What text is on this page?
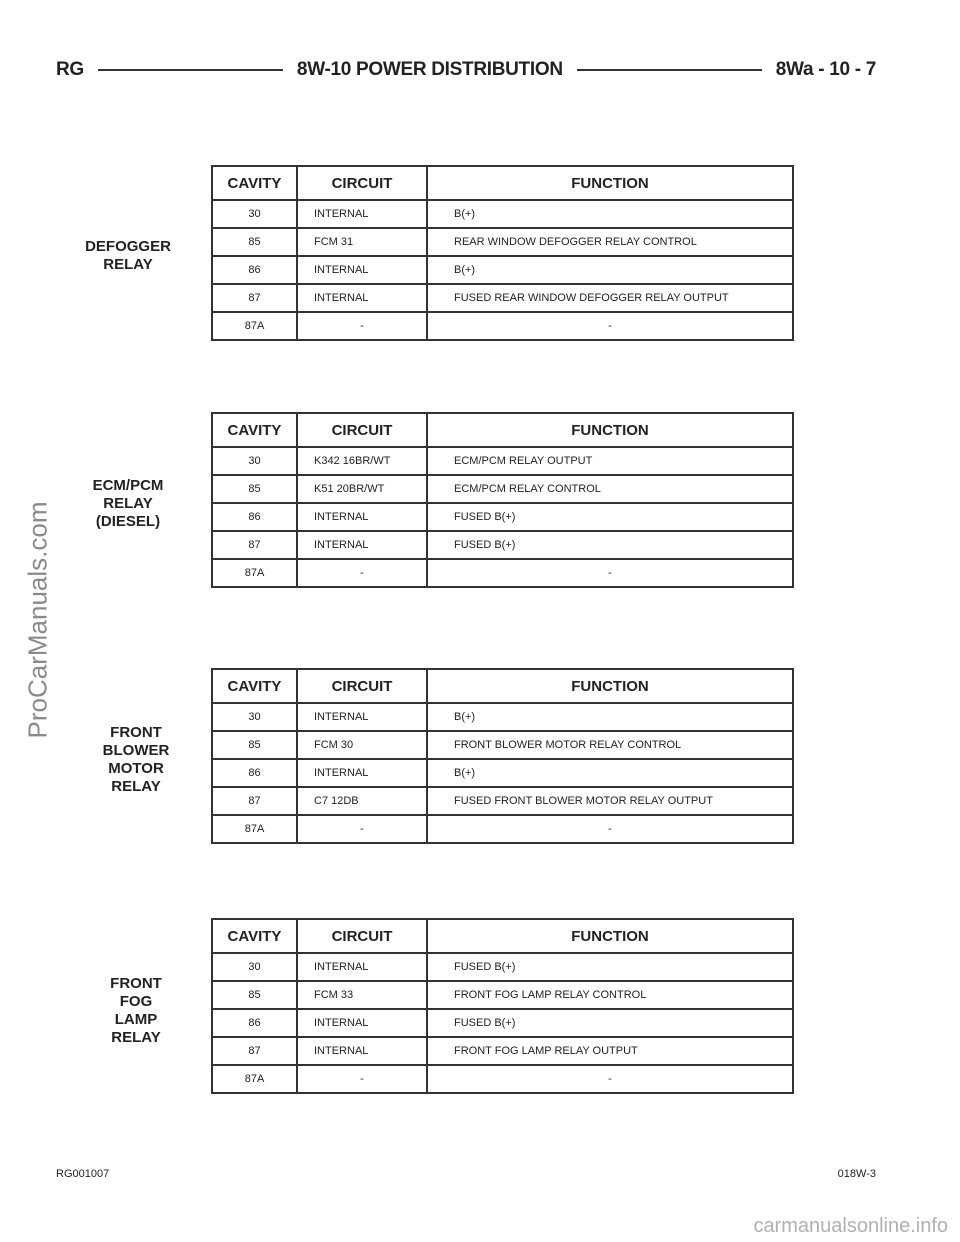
RG	8W-10 POWER DISTRIBUTION	8Wa - 10 - 7
ProCarManuals.com
DEFOGGER
RELAY
CAVITY	CIRCUIT	FUNCTION
30	INTERNAL	B(+)
85	FCM 31	REAR WINDOW DEFOGGER RELAY CONTROL
86	INTERNAL	B(+)
87	INTERNAL	FUSED REAR WINDOW DEFOGGER RELAY OUTPUT
87A	-	-
ECM/PCM
RELAY
(DIESEL)
CAVITY	CIRCUIT	FUNCTION
30	K342 16BR/WT	ECM/PCM RELAY OUTPUT
85	K51 20BR/WT	ECM/PCM RELAY CONTROL
86	INTERNAL	FUSED B(+)
87	INTERNAL	FUSED B(+)
87A	-	-
FRONT
BLOWER
MOTOR
RELAY
CAVITY	CIRCUIT	FUNCTION
30	INTERNAL	B(+)
85	FCM 30	FRONT BLOWER MOTOR RELAY CONTROL
86	INTERNAL	B(+)
87	C7 12DB	FUSED FRONT BLOWER MOTOR RELAY OUTPUT
87A	-	-
FRONT
FOG
LAMP
RELAY
CAVITY	CIRCUIT	FUNCTION
30	INTERNAL	FUSED B(+)
85	FCM 33	FRONT FOG LAMP RELAY CONTROL
86	INTERNAL	FUSED B(+)
87	INTERNAL	FRONT FOG LAMP RELAY OUTPUT
87A	-	-
RG001007	018W-3
carmanualsonline.info
